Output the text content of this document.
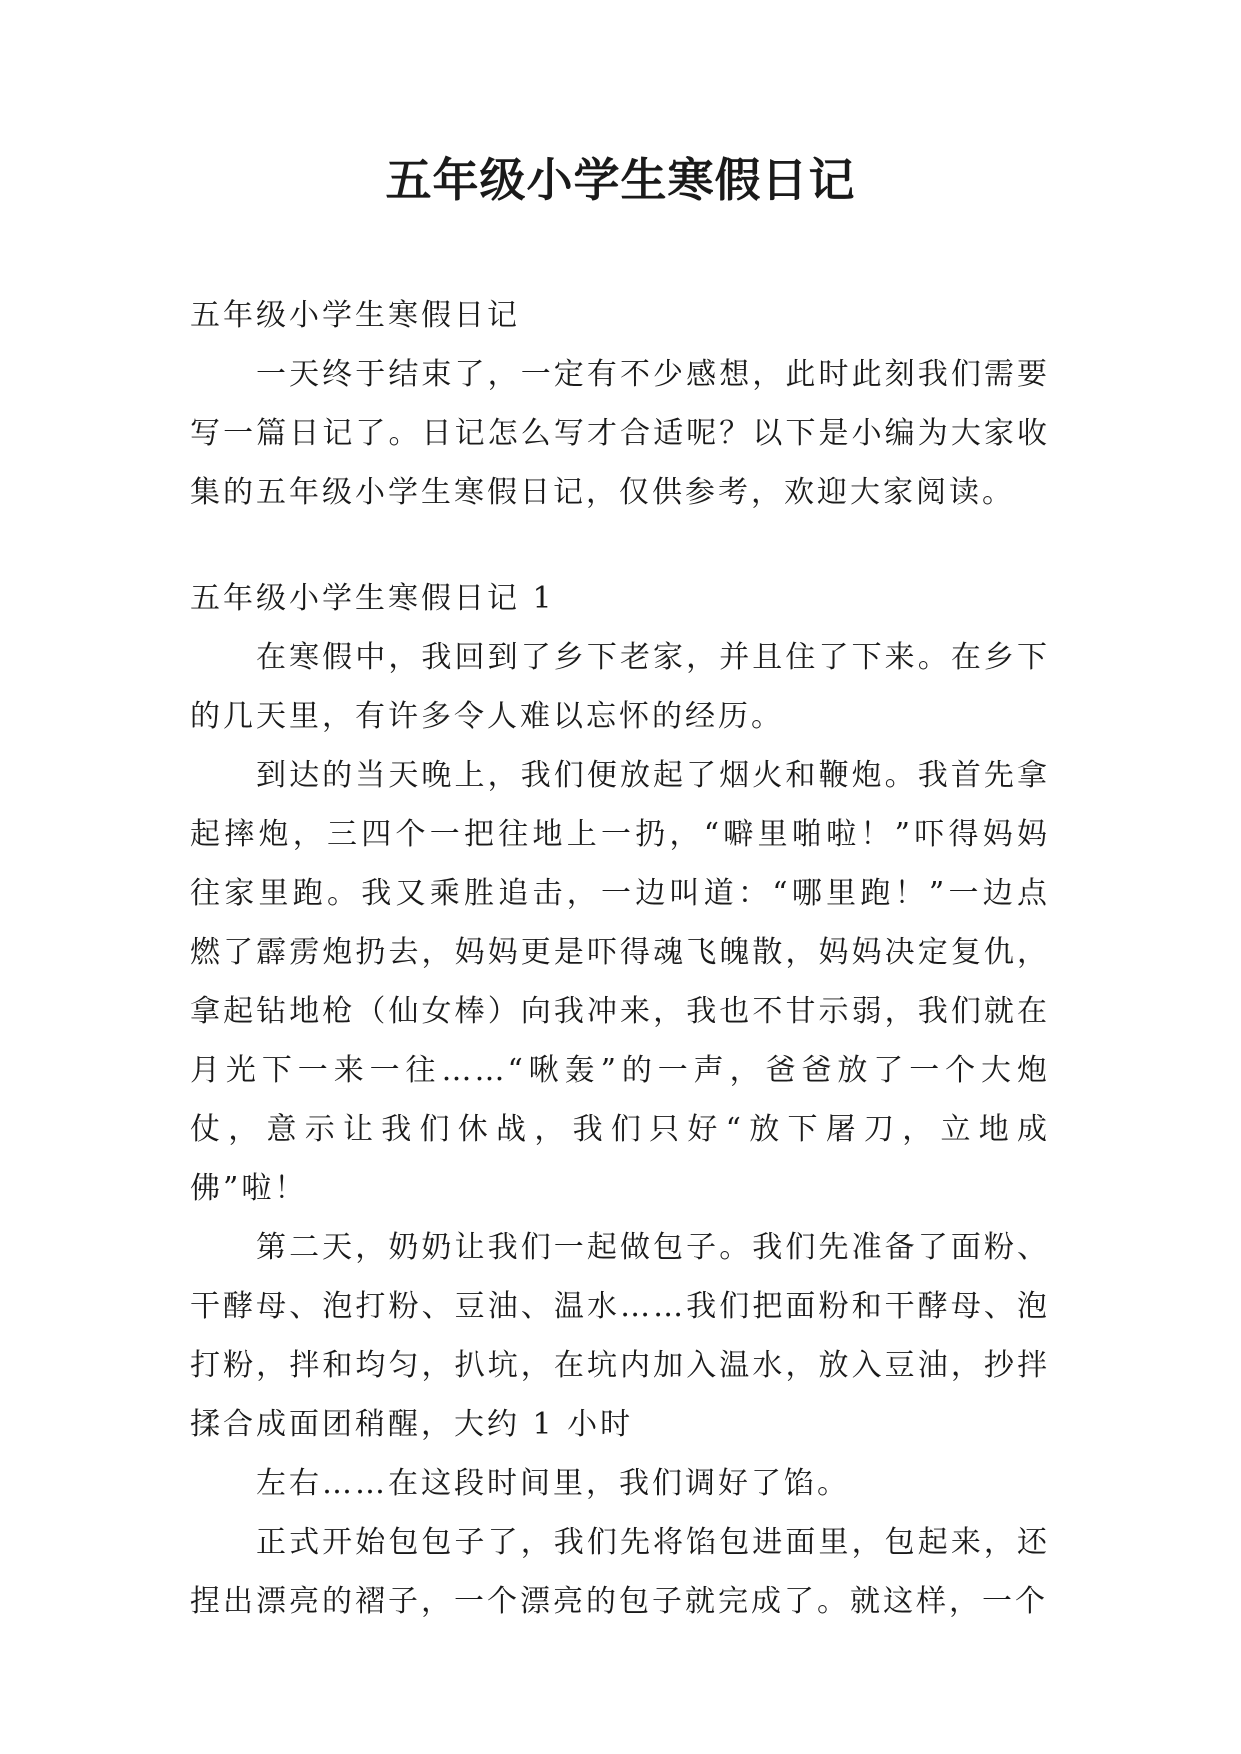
五年级小学生寒假日记

五年级小学生寒假日记

一天终于结束了，一定有不少感想，此时此刻我们需要写一篇日记了。日记怎么写才合适呢？以下是小编为大家收集的五年级小学生寒假日记，仅供参考，欢迎大家阅读。

五年级小学生寒假日记 1

在寒假中，我回到了乡下老家，并且住了下来。在乡下的几天里，有许多令人难以忘怀的经历。

到达的当天晚上，我们便放起了烟火和鞭炮。我首先拿起摔炮，三四个一把往地上一扔，“噼里啪啦！”吓得妈妈往家里跑。我又乘胜追击，一边叫道：“哪里跑！”一边点燃了霹雳炮扔去，妈妈更是吓得魂飞魄散，妈妈决定复仇，拿起钻地枪（仙女棒）向我冲来，我也不甘示弱，我们就在月光下一来一往……“啾轰”的一声，爸爸放了一个大炮仗，意示让我们休战，我们只好“放下屠刀，立地成佛”啦！

第二天，奶奶让我们一起做包子。我们先准备了面粉、干酵母、泡打粉、豆油、温水……我们把面粉和干酵母、泡打粉，拌和均匀，扒坑，在坑内加入温水，放入豆油，抄拌揉合成面团稍醒，大约 1 小时

左右……在这段时间里，我们调好了馅。

正式开始包包子了，我们先将馅包进面里，包起来，还捏出漂亮的褶子，一个漂亮的包子就完成了。就这样，一个
